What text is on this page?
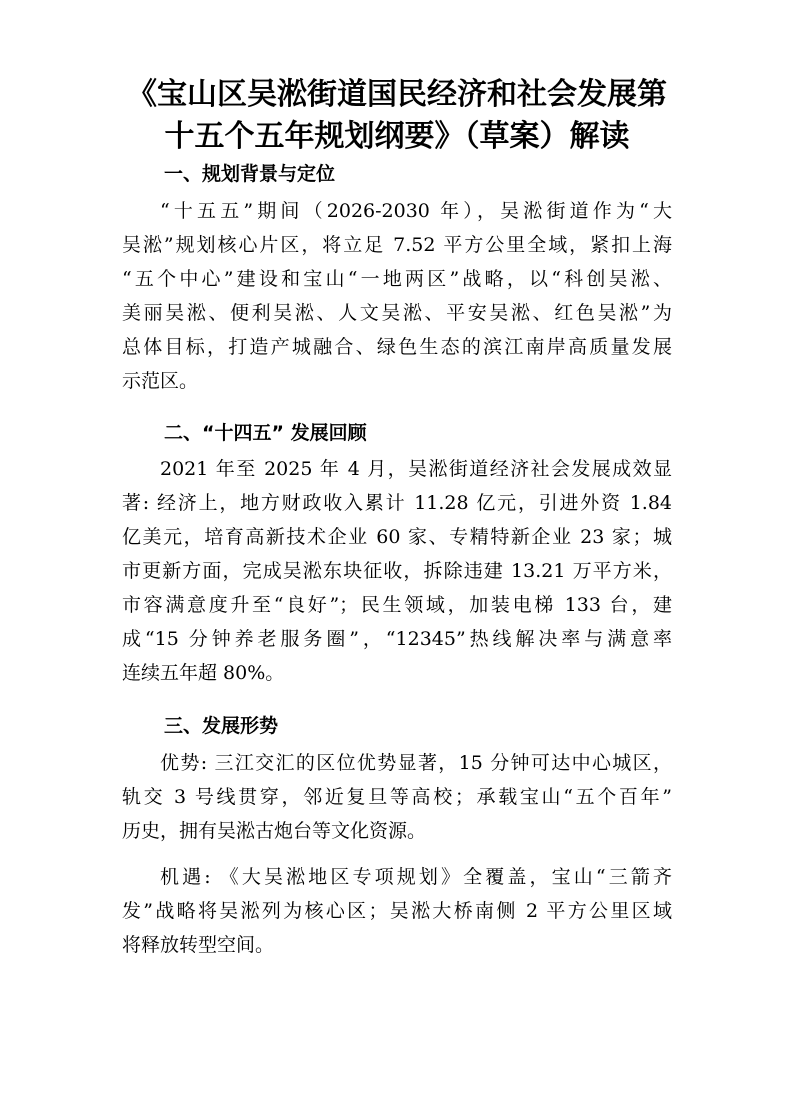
《宝山区吴淞街道国民经济和社会发展第
十五个五年规划纲要》（草案）解读
一、规划背景与定位
“十五五”期间（2026-2030 年），吴淞街道作为“大
吴淞”规划核心片区，将立足 7.52 平方公里全域，紧扣上海
“五个中心”建设和宝山“一地两区”战略，以“科创吴淞、
美丽吴淞、便利吴淞、人文吴淞、平安吴淞、红色吴淞”为
总体目标，打造产城融合、绿色生态的滨江南岸高质量发展
示范区。
二、“十四五” 发展回顾
2021 年至 2025 年 4 月，吴淞街道经济社会发展成效显
著: 经济上，地方财政收入累计 11.28 亿元，引进外资 1.84
亿美元，培育高新技术企业 60 家、专精特新企业 23 家；城
市更新方面，完成吴淞东块征收，拆除违建 13.21 万平方米，
市容满意度升至“良好”；民生领域，加装电梯 133 台，建
成“15 分钟养老服务圈”，“12345”热线解决率与满意率
连续五年超 80%。
三、发展形势
优势: 三江交汇的区位优势显著，15 分钟可达中心城区，
轨交 3 号线贯穿，邻近复旦等高校；承载宝山“五个百年”
历史，拥有吴淞古炮台等文化资源。
机遇: 《大吴淞地区专项规划》全覆盖，宝山“三箭齐
发”战略将吴淞列为核心区；吴淞大桥南侧 2 平方公里区域
将释放转型空间。
